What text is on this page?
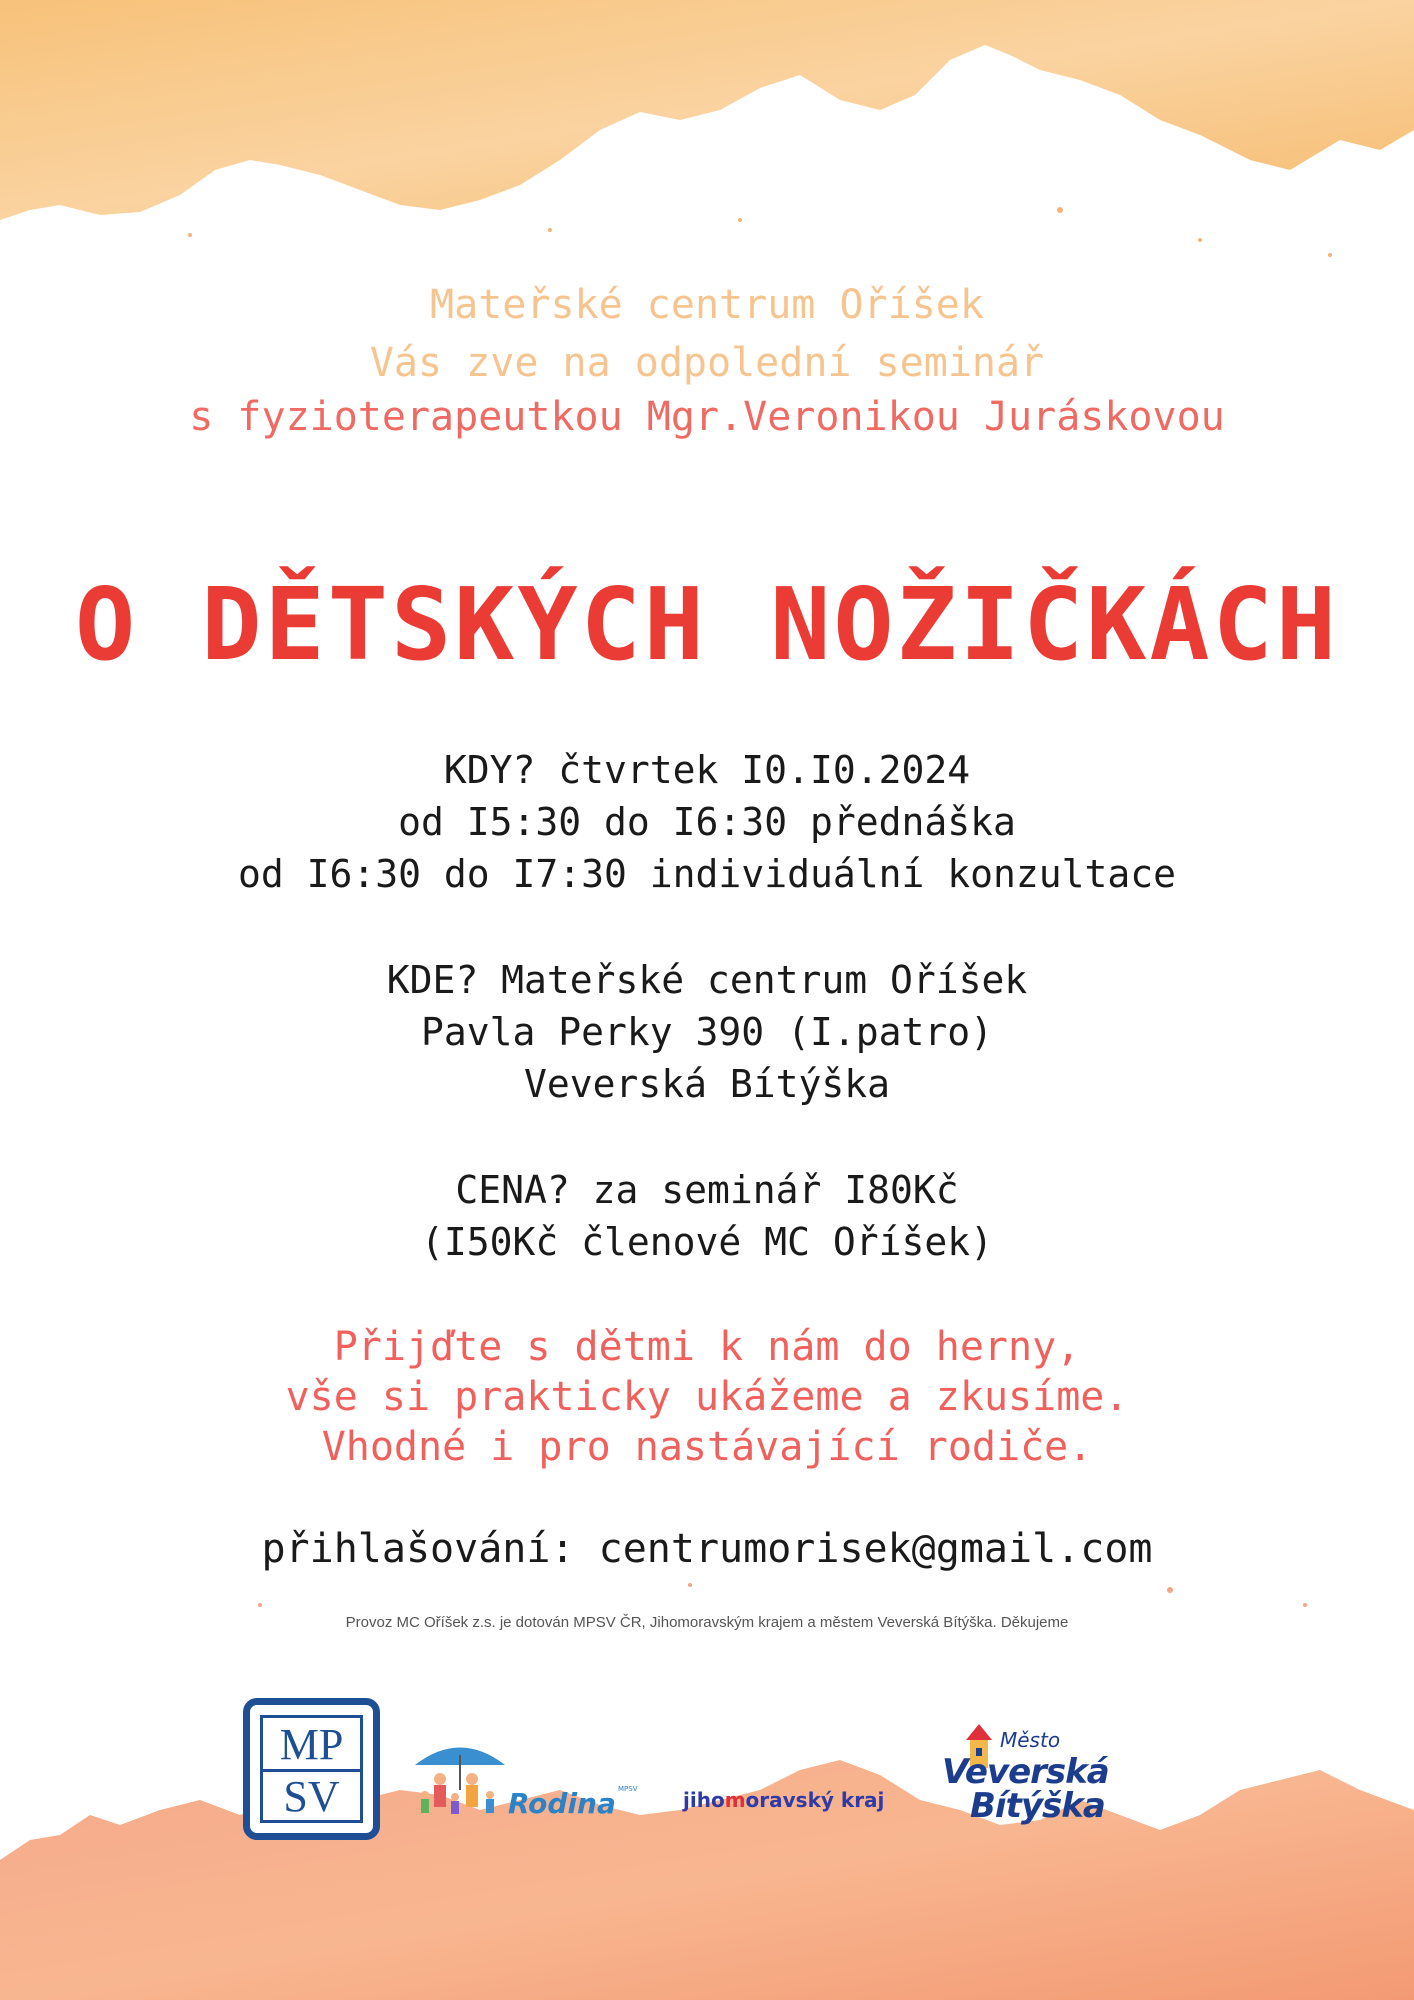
Mateřské centrum Oříšek
Vás zve na odpolední seminář
s fyzioterapeutkou Mgr.Veronikou Juráskovou
O DĚTSKÝCH NOŽIČKÁCH
KDY? čtvrtek I0.I0.2024
od I5:30 do I6:30 přednáška
od I6:30 do I7:30 individuální konzultace
KDE? Mateřské centrum Oříšek
Pavla Perky 390 (I.patro)
Veverská Bítýška
CENA? za seminář I80Kč
(I50Kč členové MC Oříšek)
Přijďte s dětmi k nám do herny,
vše si prakticky ukážeme a zkusíme.
Vhodné i pro nastávající rodiče.
přihlašování: centrumorisek@gmail.com
Provoz MC Oříšek z.s. je dotován MPSV ČR, Jihomoravským krajem a městem Veverská Bítýška. Děkujeme
MP
SV	Rodina MPSV jihomoravský kraj
Město
Veverská
Bítýška
